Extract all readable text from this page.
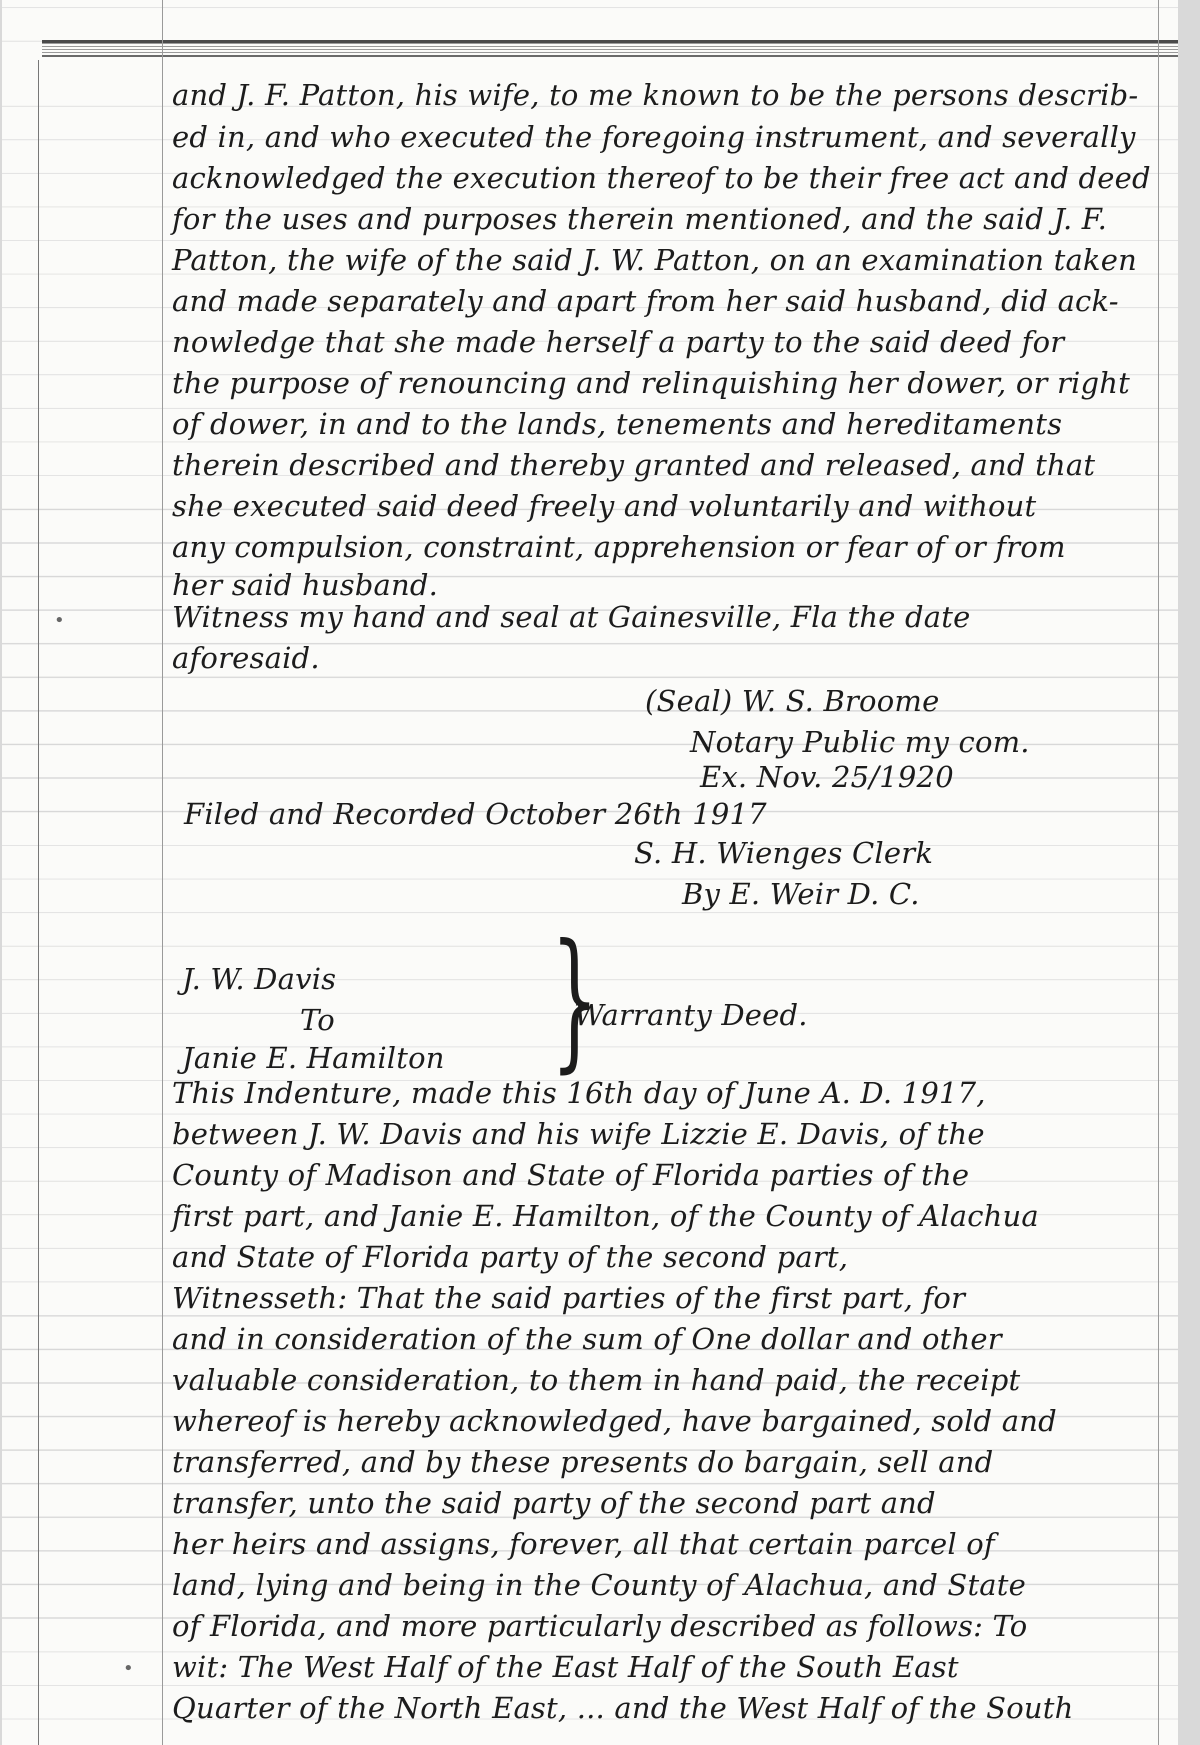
•
•
and J. F. Patton, his wife, to me known to be the persons describ-
ed in, and who executed the foregoing instrument, and severally
acknowledged the execution thereof to be their free act and deed
for the uses and purposes therein mentioned, and the said J. F.
Patton, the wife of the said J. W. Patton, on an examination taken
and made separately and apart from her said husband, did ack-
nowledge that she made herself a party to the said deed for
the purpose of renouncing and relinquishing her dower, or right
of dower, in and to the lands, tenements and hereditaments
therein described and thereby granted and released, and that
she executed said deed freely and voluntarily and without
any compulsion, constraint, apprehension or fear of or from
her said husband.
Witness my hand and seal at Gainesville, Fla the date
aforesaid.
(Seal) W. S. Broome
Notary Public my com.
Ex. Nov. 25/1920
Filed and Recorded October 26th 1917
S. H. Wienges Clerk
By E. Weir D. C.
J. W. Davis
To
Janie E. Hamilton }
Warranty Deed.
This Indenture, made this 16th day of June A. D. 1917,
between J. W. Davis and his wife Lizzie E. Davis, of the
County of Madison and State of Florida parties of the
first part, and Janie E. Hamilton, of the County of Alachua
and State of Florida party of the second part,
Witnesseth: That the said parties of the first part, for
and in consideration of the sum of One dollar and other
valuable consideration, to them in hand paid, the receipt
whereof is hereby acknowledged, have bargained, sold and
transferred, and by these presents do bargain, sell and
transfer, unto the said party of the second part and
her heirs and assigns, forever, all that certain parcel of
land, lying and being in the County of Alachua, and State
of Florida, and more particularly described as follows: To
wit: The West Half of the East Half of the South East
Quarter of the North East, ... and the West Half of the South
